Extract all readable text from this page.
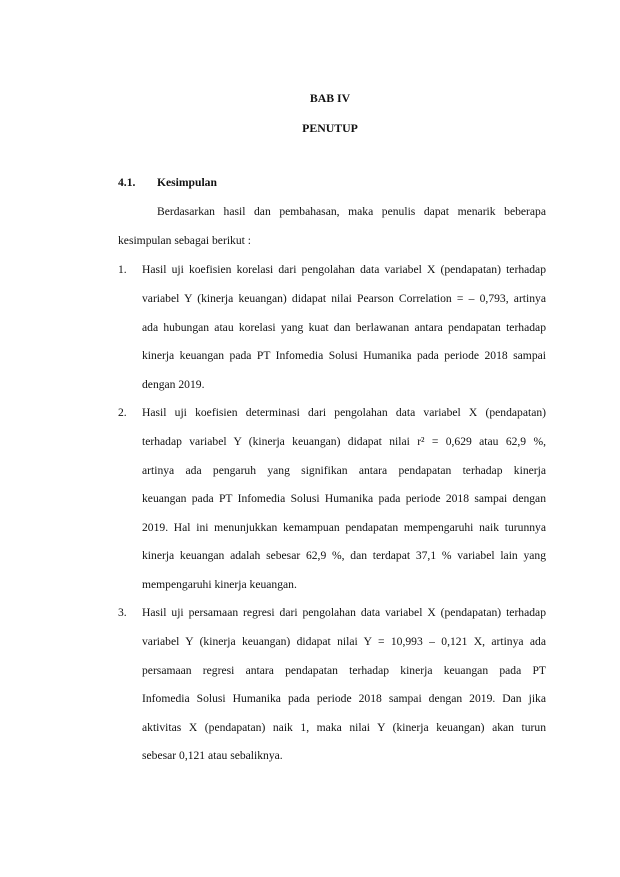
BAB IV
PENUTUP
4.1. Kesimpulan
Berdasarkan hasil dan pembahasan, maka penulis dapat menarik beberapa
kesimpulan sebagai berikut :
1. Hasil uji koefisien korelasi dari pengolahan data variabel X (pendapatan) terhadap
variabel Y (kinerja keuangan) didapat nilai Pearson Correlation = – 0,793, artinya
ada hubungan atau korelasi yang kuat dan berlawanan antara pendapatan terhadap
kinerja keuangan pada PT Infomedia Solusi Humanika pada periode 2018 sampai
dengan 2019.
2. Hasil uji koefisien determinasi dari pengolahan data variabel X (pendapatan)
terhadap variabel Y (kinerja keuangan) didapat nilai r² = 0,629 atau 62,9 %,
artinya ada pengaruh yang signifikan antara pendapatan terhadap kinerja
keuangan pada PT Infomedia Solusi Humanika pada periode 2018 sampai dengan
2019. Hal ini menunjukkan kemampuan pendapatan mempengaruhi naik turunnya
kinerja keuangan adalah sebesar 62,9 %, dan terdapat 37,1 % variabel lain yang
mempengaruhi kinerja keuangan.
3. Hasil uji persamaan regresi dari pengolahan data variabel X (pendapatan) terhadap
variabel Y (kinerja keuangan) didapat nilai Y = 10,993 – 0,121 X, artinya ada
persamaan regresi antara pendapatan terhadap kinerja keuangan pada PT
Infomedia Solusi Humanika pada periode 2018 sampai dengan 2019. Dan jika
aktivitas X (pendapatan) naik 1, maka nilai Y (kinerja keuangan) akan turun
sebesar 0,121 atau sebaliknya.
